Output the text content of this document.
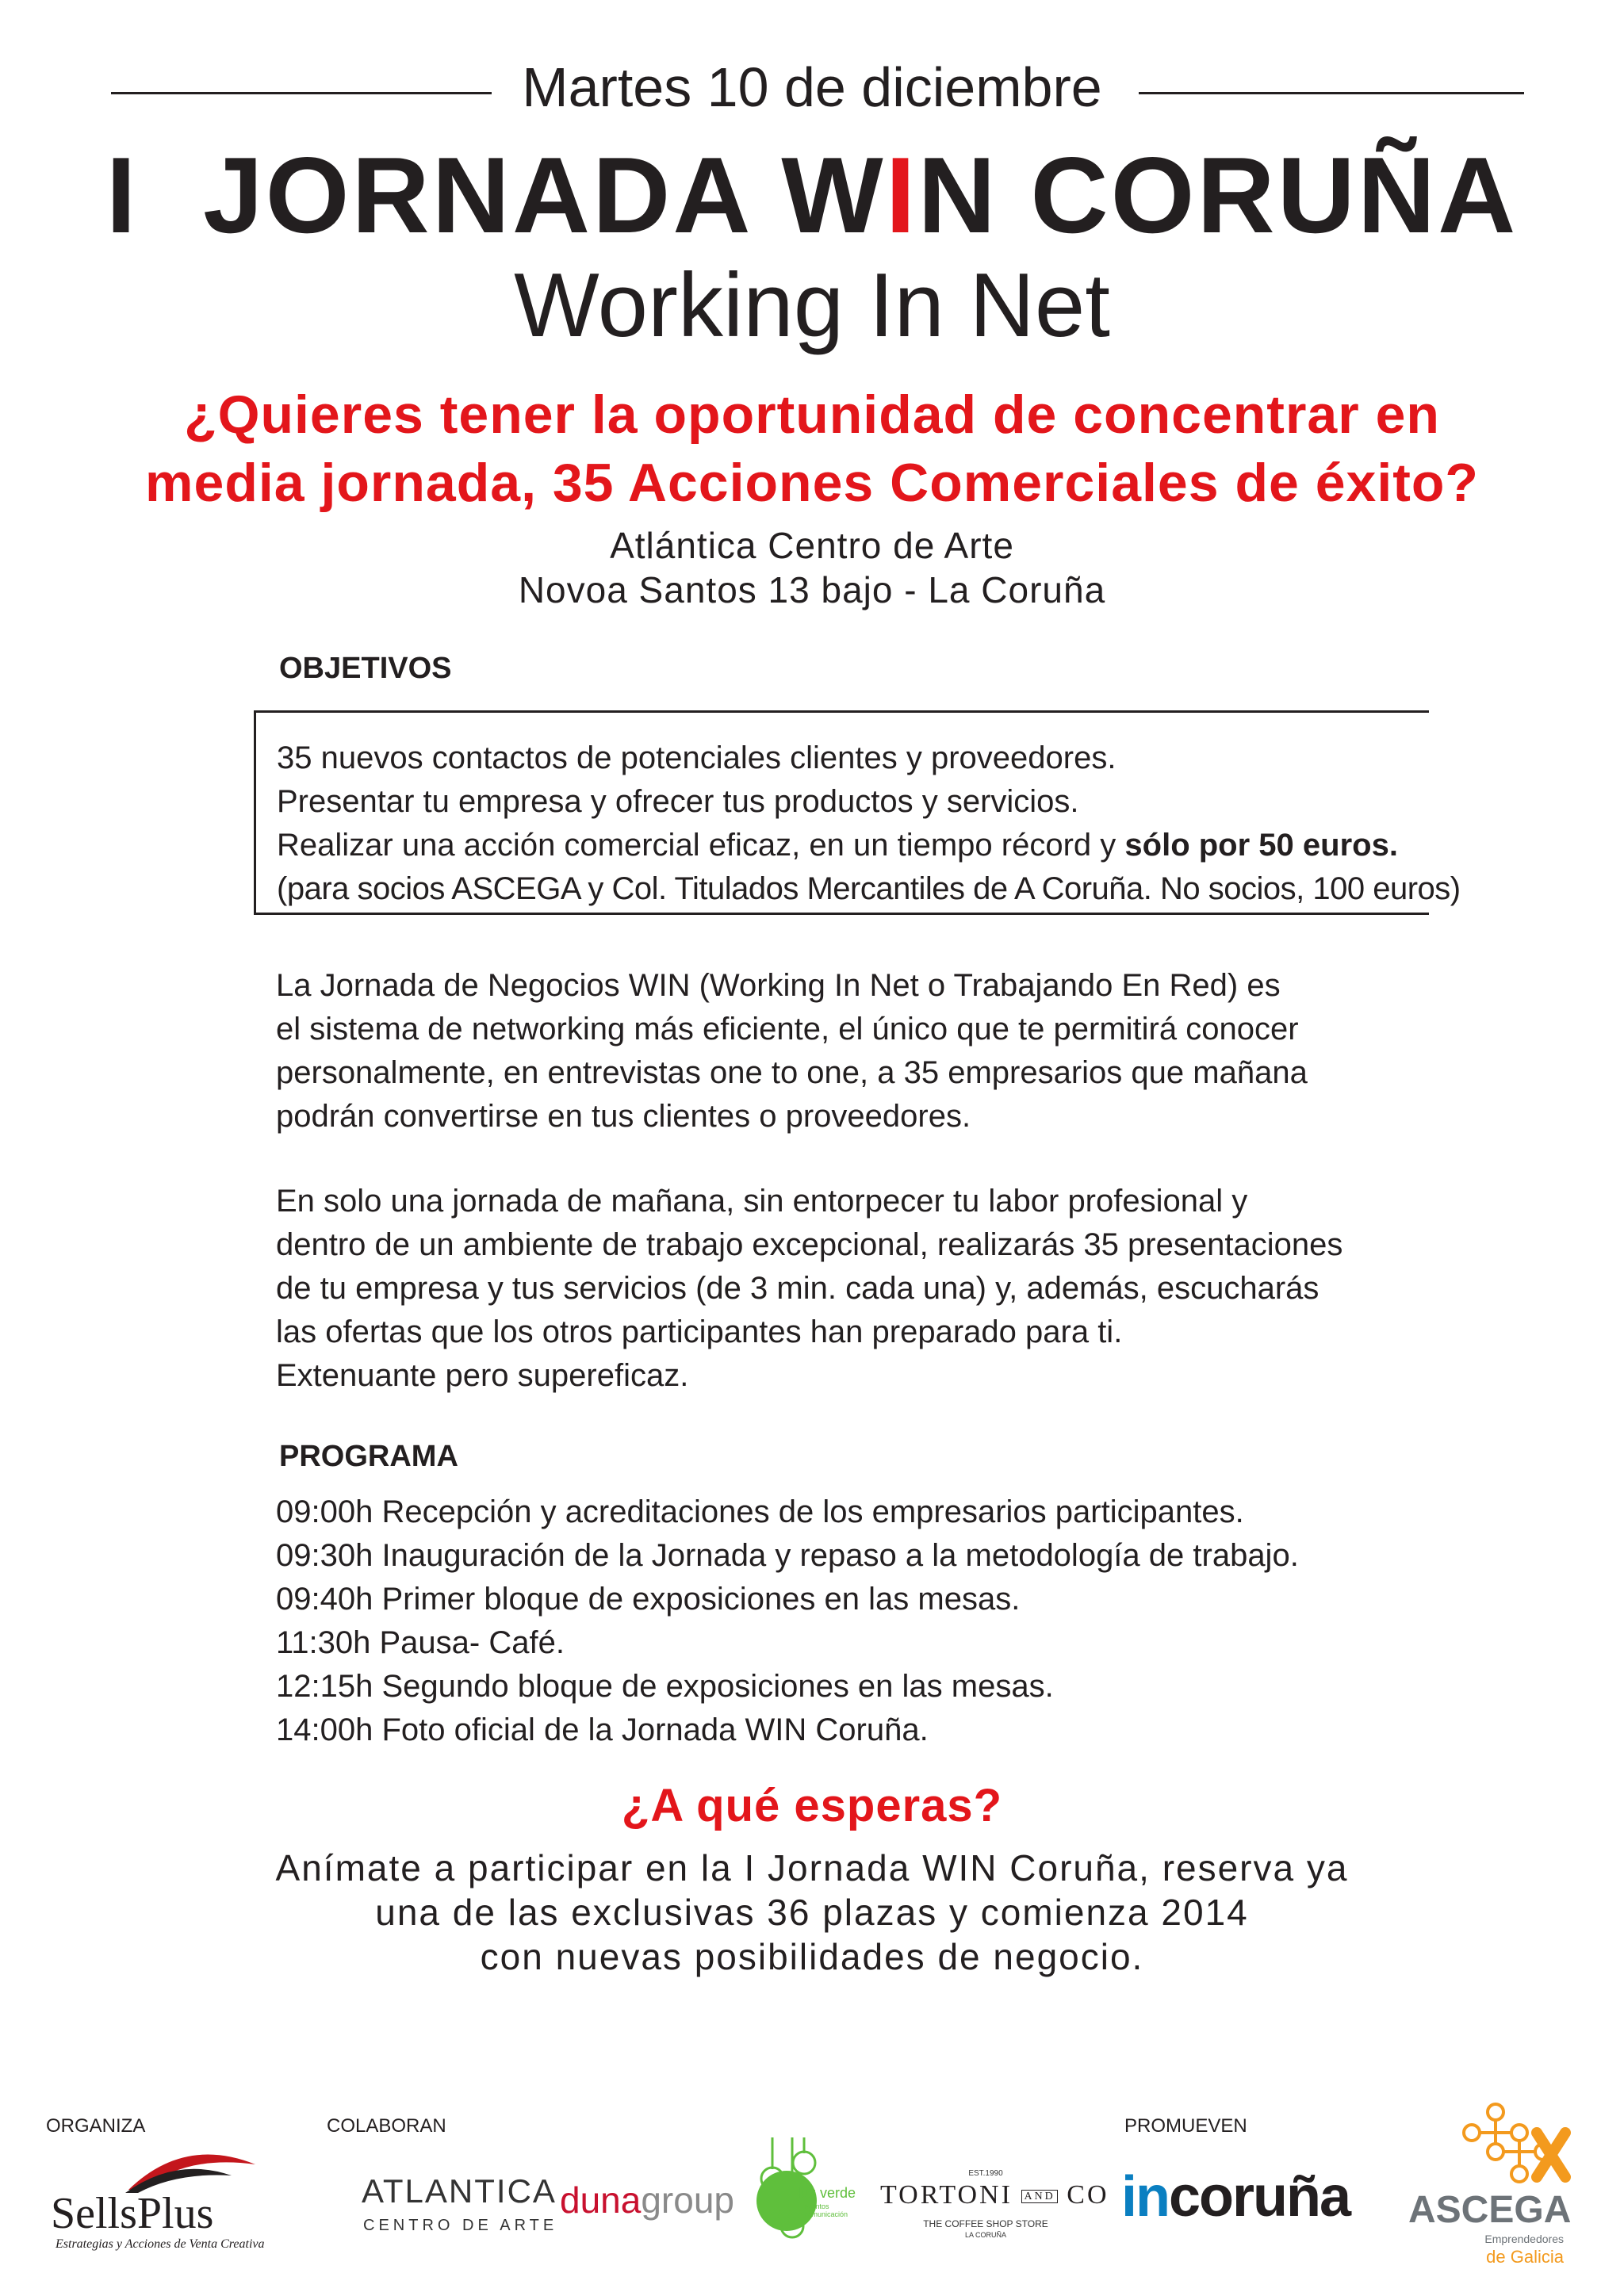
Martes 10 de diciembre
I  JORNADA WIN CORUÑA
Working In Net
¿Quieres tener la oportunidad de concentrar en
media jornada, 35 Acciones Comerciales de éxito?
Atlántica Centro de Arte
Novoa Santos 13 bajo - La Coruña
OBJETIVOS
35 nuevos contactos de potenciales clientes y proveedores.
Presentar tu empresa y ofrecer tus productos y servicios.
Realizar una acción comercial eficaz, en un tiempo récord y sólo por 50 euros.
(para socios ASCEGA y Col. Titulados Mercantiles de A Coruña. No socios, 100 euros)
La Jornada de Negocios WIN (Working In Net o Trabajando En Red) es
el sistema de networking más eficiente, el único que te permitirá conocer
personalmente, en entrevistas one to one, a 35 empresarios que mañana
podrán convertirse en tus clientes o proveedores.
En solo una jornada de mañana, sin entorpecer tu labor profesional y
dentro de un ambiente de trabajo excepcional, realizarás 35 presentaciones
de tu empresa y tus servicios (de 3 min. cada una) y, además, escucharás
las ofertas que los otros participantes han preparado para ti.
Extenuante pero supereficaz.
PROGRAMA
09:00h Recepción y acreditaciones de los empresarios participantes.
09:30h Inauguración de la Jornada y repaso a la metodología de trabajo.
09:40h Primer bloque de exposiciones en las mesas.
11:30h Pausa- Café.
12:15h Segundo bloque de exposiciones en las mesas.
14:00h Foto oficial de la Jornada WIN Coruña.
¿A qué esperas?
Anímate a participar en la I Jornada WIN Coruña, reserva ya
una de las exclusivas 36 plazas y comienza 2014
con nuevas posibilidades de negocio.
ORGANIZA	COLABORAN	PROMUEVEN
SellsPlus
Estrategias y Acciones de Venta Creativa
ATLANTICA
CENTRO DE ARTE
dunagroup	luz verde
eventos comunicación
EST.1990
TORTONI AND CO
THE COFFEE SHOP STORE
LA CORUÑA
incoruña	ASCEGA
Emprendedores
de Galicia
